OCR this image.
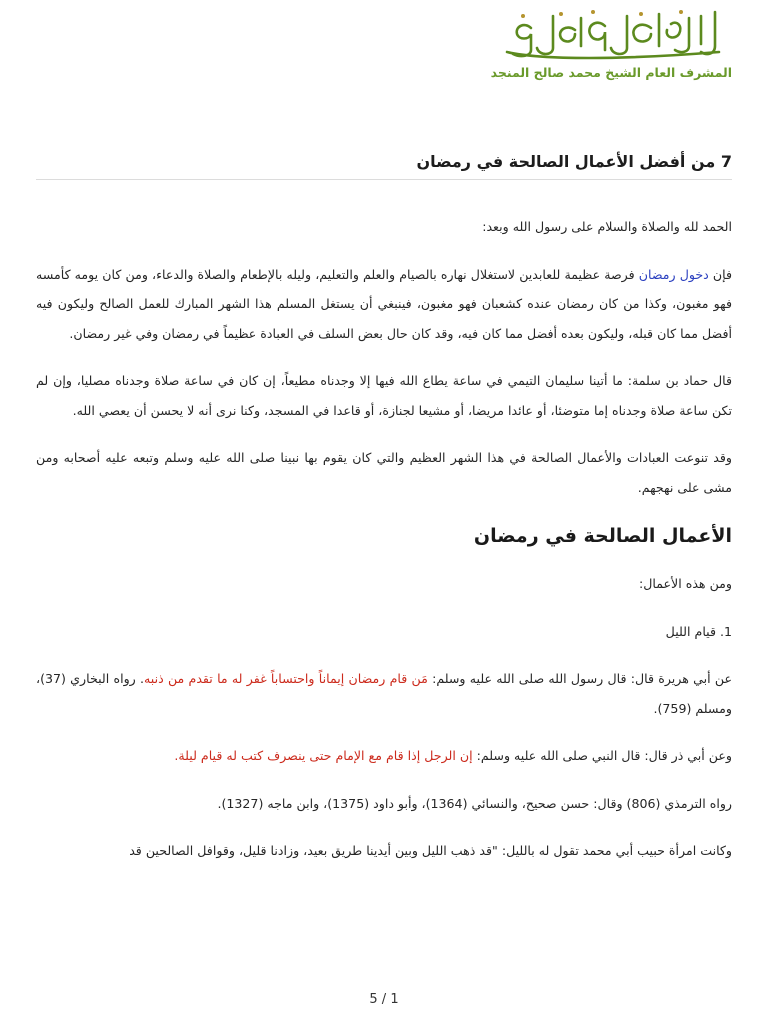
المشرف العام الشيخ محمد صالح المنجد
7 من أفضل الأعمال الصالحة في رمضان

الحمد لله والصلاة والسلام على رسول الله وبعد:

فإن دخول رمضان فرصة عظيمة للعابدين لاستغلال نهاره بالصيام والعلم والتعليم، وليله بالإطعام والصلاة والدعاء، ومن كان يومه كأمسه فهو مغبون، وكذا من كان رمضان عنده كشعبان فهو مغبون، فينبغي أن يستغل المسلم هذا الشهر المبارك للعمل الصالح وليكون فيه أفضل مما كان قبله، وليكون بعده أفضل مما كان فيه، وقد كان حال بعض السلف في العبادة عظيماً في رمضان وفي غير رمضان.

قال حماد بن سلمة: ما أتينا سليمان التيمي في ساعة يطاع الله فيها إلا وجدناه مطيعاً، إن كان في ساعة صلاة وجدناه مصليا، وإن لم تكن ساعة صلاة وجدناه إما متوضئا، أو عائدا مريضا، أو مشيعا لجنازة، أو قاعدا في المسجد، وكنا نرى أنه لا يحسن أن يعصي الله.

وقد تنوعت العبادات والأعمال الصالحة في هذا الشهر العظيم والتي كان يقوم بها نبينا صلى الله عليه وسلم وتبعه عليه أصحابه ومن مشى على نهجهم.

الأعمال الصالحة في رمضان

ومن هذه الأعمال:

1. قيام الليل

عن أبي هريرة قال: قال رسول الله صلى الله عليه وسلم: مَن قام رمضان إيماناً واحتساباً غفر له ما تقدم من ذنبه. رواه البخاري (37)، ومسلم (759).

وعن أبي ذر قال: قال النبي صلى الله عليه وسلم: إن الرجل إذا قام مع الإمام حتى ينصرف كتب له قيام ليلة.

رواه الترمذي (806) وقال: حسن صحيح، والنسائي (1364)، وأبو داود (1375)، وابن ماجه (1327).

وكانت امرأة حبيب أبي محمد تقول له بالليل: "قد ذهب الليل وبين أيدينا طريق بعيد، وزادنا قليل، وقوافل الصالحين قد

5 / 1
